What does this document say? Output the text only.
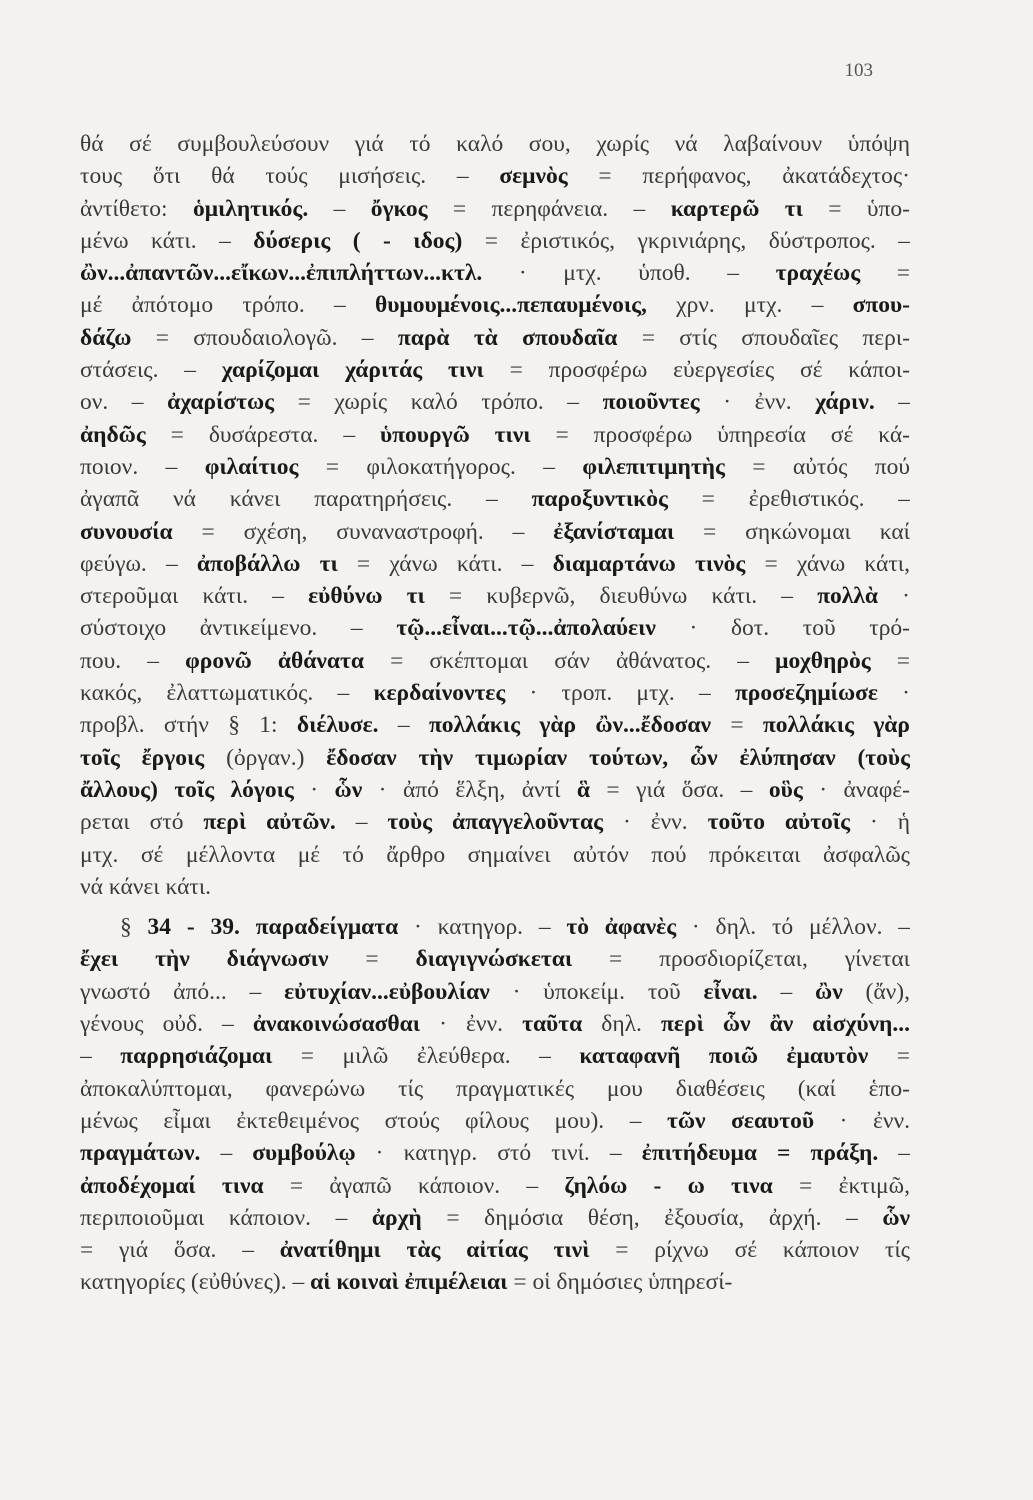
103
θά σέ συμβουλεύσουν γιά τό καλό σου, χωρίς νά λαβαίνουν ὑπόψη
τους ὅτι θά τούς μισήσεις. – σεμνὸς = περήφανος, ἀκατάδεχτος·
ἀντίθετο: ὁμιλητικός. – ὄγκος = περηφάνεια. – καρτερῶ τι = ὑπο-
μένω κάτι. – δύσερις ( - ιδος) = ἐριστικός, γκρινιάρης, δύστροπος. –
ὢν...ἀπαντῶν...εἴκων...ἐπιπλήττων...κτλ. · μτχ. ὑποθ. – τραχέως =
μέ ἀπότομο τρόπο. – θυμουμένοις...πεπαυμένοις, χρν. μτχ. – σπου-
δάζω = σπουδαιολογῶ. – παρὰ τὰ σπουδαῖα = στίς σπουδαῖες περι-
στάσεις. – χαρίζομαι χάριτάς τινι = προσφέρω εὐεργεσίες σέ κάποι-
ον. – ἀχαρίστως = χωρίς καλό τρόπο. – ποιοῦντες · ἐνν. χάριν. –
ἀηδῶς = δυσάρεστα. – ὑπουργῶ τινι = προσφέρω ὑπηρεσία σέ κά-
ποιον. – φιλαίτιος = φιλοκατήγορος. – φιλεπιτιμητὴς = αὐτός πού
ἀγαπᾶ νά κάνει παρατηρήσεις. – παροξυντικὸς = ἐρεθιστικός. –
συνουσία = σχέση, συναναστροφή. – ἐξανίσταμαι = σηκώνομαι καί
φεύγω. – ἀποβάλλω τι = χάνω κάτι. – διαμαρτάνω τινὸς = χάνω κάτι,
στεροῦμαι κάτι. – εὐθύνω τι = κυβερνῶ, διευθύνω κάτι. – πολλὰ ·
σύστοιχο ἀντικείμενο. – τῷ...εἶναι...τῷ...ἀπολαύειν · δοτ. τοῦ τρό-
που. – φρονῶ ἀθάνατα = σκέπτομαι σάν ἀθάνατος. – μοχθηρὸς =
κακός, ἐλαττωματικός. – κερδαίνοντες · τροπ. μτχ. – προσεζημίωσε ·
προβλ. στήν § 1: διέλυσε. – πολλάκις γὰρ ὢν...ἔδοσαν = πολλάκις γὰρ
τοῖς ἔργοις (ὀργαν.) ἔδοσαν τὴν τιμωρίαν τούτων, ὧν ἐλύπησαν (τοὺς
ἄλλους) τοῖς λόγοις · ὧν · ἀπό ἕλξη, ἀντί ἃ = γιά ὅσα. – οὓς · ἀναφέ-
ρεται στό περὶ αὐτῶν. – τοὺς ἀπαγγελοῦντας · ἐνν. τοῦτο αὐτοῖς · ἡ
μτχ. σέ μέλλοντα μέ τό ἄρθρο σημαίνει αὐτόν πού πρόκειται ἀσφαλῶς
νά κάνει κάτι.
§ 34 - 39. παραδείγματα · κατηγορ. – τὸ ἀφανὲς · δηλ. τό μέλλον. –
ἔχει τὴν διάγνωσιν = διαγιγνώσκεται = προσδιορίζεται, γίνεται
γνωστό ἀπό... – εὐτυχίαν...εὐβουλίαν · ὑποκείμ. τοῦ εἶναι. – ὢν (ἄν),
γένους οὐδ. – ἀνακοινώσασθαι · ἐνν. ταῦτα δηλ. περὶ ὧν ἂν αἰσχύνη...
– παρρησιάζομαι = μιλῶ ἐλεύθερα. – καταφανῆ ποιῶ ἐμαυτὸν =
ἀποκαλύπτομαι, φανερώνω τίς πραγματικές μου διαθέσεις (καί ἑπο-
μένως εἶμαι ἐκτεθειμένος στούς φίλους μου). – τῶν σεαυτοῦ · ἐνν.
πραγμάτων. – συμβούλῳ · κατηγρ. στό τινί. – ἐπιτήδευμα = πράξη. –
ἀποδέχομαί τινα = ἀγαπῶ κάποιον. – ζηλόω - ω τινα = ἐκτιμῶ,
περιποιοῦμαι κάποιον. – ἀρχὴ = δημόσια θέση, ἐξουσία, ἀρχή. – ὧν
= γιά ὅσα. – ἀνατίθημι τὰς αἰτίας τινὶ = ρίχνω σέ κάποιον τίς
κατηγορίες (εὐθύνες). – αἱ κοιναὶ ἐπιμέλειαι = οἱ δημόσιες ὑπηρεσί-
